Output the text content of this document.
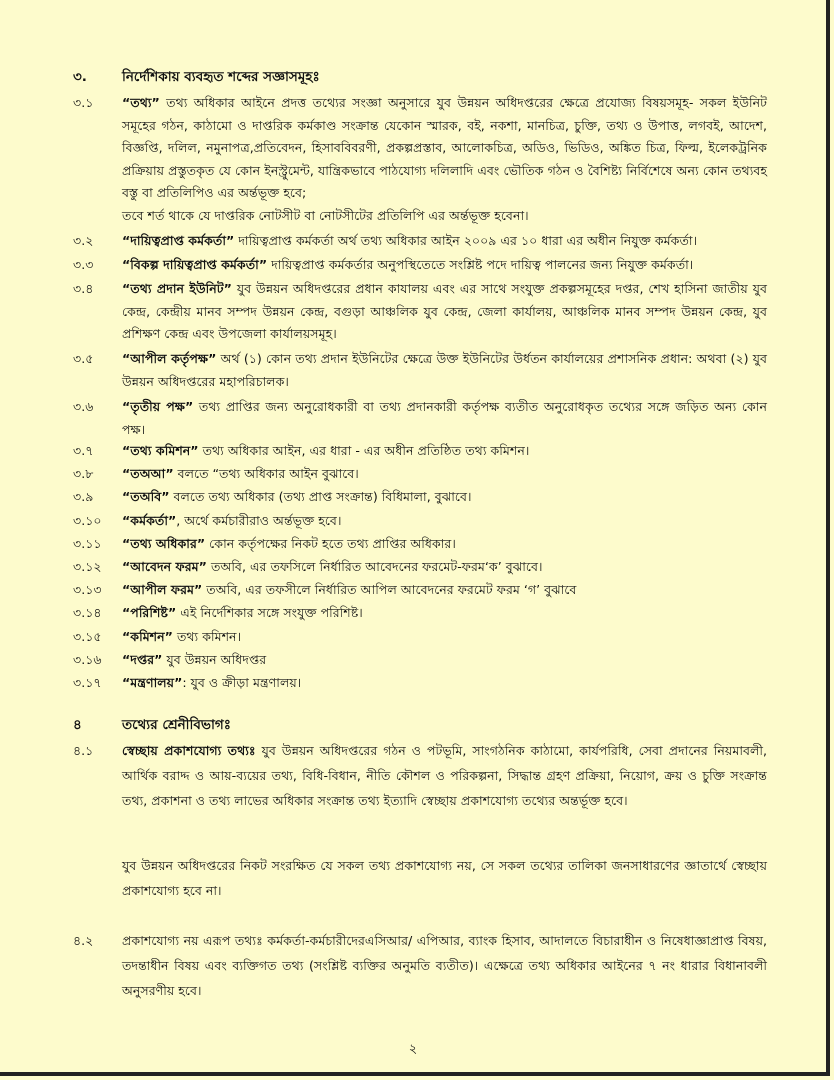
৩.	নির্দেশিকায় ব্যবহৃত শব্দের সজ্ঞাসমূহঃ
৩.১	“তথ্য” তথ্য অধিকার আইনে প্রদত্ত তথ্যের সংজ্ঞা অনুসারে যুব উন্নয়ন অধিদপ্তরের ক্ষেত্রে প্রযোজ্য বিষয়সমূহ- সকল ইউনিট সমূহের গঠন, কাঠামো ও দাপ্তরিক কর্মকাণ্ড সংক্রান্ত যেকোন স্মারক, বই, নকশা, মানচিত্র, চুক্তি, তথ্য ও উপাত্ত, লগবই, আদেশ, বিজ্ঞপ্তি, দলিল, নমুনাপত্র,প্রতিবেদন, হিসাববিবরণী, প্রকল্পপ্রস্তাব, আলোকচিত্র, অডিও, ভিডিও, অঙ্কিত চিত্র, ফিল্ম, ইলেকট্রনিক প্রক্রিয়ায় প্রস্তুতকৃত যে কোন ইনস্ট্রুমেন্ট, যান্ত্রিকভাবে পাঠযোগ্য দলিলাদি এবং ভৌতিক গঠন ও বৈশিষ্ট্য নির্বিশেষে অন্য কোন তথ্যবহ বস্তু বা প্রতিলিপিও এর অর্ন্তভূক্ত হবে;
তবে শর্ত থাকে যে দাপ্তরিক নোটসীট বা নোটসীটের প্রতিলিপি এর অর্ন্তভূক্ত হবেনা।
৩.২	“দায়িত্বপ্রাপ্ত কর্মকর্তা” দায়িত্বপ্রাপ্ত কর্মকর্তা অর্থ তথ্য অধিকার আইন ২০০৯ এর ১০ ধারা এর অধীন নিযুক্ত কর্মকর্তা।
৩.৩	“বিকল্প দায়িত্বপ্রাপ্ত কর্মকর্তা” দায়িত্বপ্রাপ্ত কর্মকর্তার অনুপস্থিতেতে সংশ্লিষ্ট পদে দায়িত্ব পালনের জন্য নিযুক্ত কর্মকর্তা।
৩.৪	“তথ্য প্রদান ইউনিট” যুব উন্নয়ন অধিদপ্তরের প্রধান কাযালয় এবং এর সাথে সংযুক্ত প্রকল্পসমূহের দপ্তর, শেখ হাসিনা জাতীয় যুব কেন্দ্র, কেন্দ্রীয় মানব সম্পদ উন্নয়ন কেন্দ্র, বগুড়া আঞ্চলিক যুব কেন্দ্র, জেলা কার্যালয়, আঞ্চলিক মানব সম্পদ উন্নয়ন কেন্দ্র, যুব প্রশিক্ষণ কেন্দ্র এবং উপজেলা কার্যালয়সমূহ।
৩.৫	“আপীল কর্তৃপক্ষ” অর্থ (১) কোন তথ্য প্রদান ইউনিটের ক্ষেত্রে উক্ত ইউনিটের উর্ধতন কার্যালয়ের প্রশাসনিক প্রধান: অথবা (২) যুব উন্নয়ন অধিদপ্তরের মহাপরিচালক।
৩.৬	“তৃতীয় পক্ষ” তথ্য প্রাপ্তির জন্য অনুরোধকারী বা তথ্য প্রদানকারী কর্তৃপক্ষ ব্যতীত অনুরোধকৃত তথ্যের সঙ্গে জড়িত অন্য কোন পক্ষ।
৩.৭	“তথ্য কমিশন” তথ্য অধিকার আইন, এর ধারা - এর অধীন প্রতিষ্ঠিত তথ্য কমিশন।
৩.৮	“তঅআ” বলতে “তথ্য অধিকার আইন বুঝাবে।
৩.৯	“তঅবি” বলতে তথ্য অধিকার (তথ্য প্রাপ্ত সংক্রান্ত) বিধিমালা, বুঝাবে।
৩.১০	“কর্মকর্তা”, অর্থে কর্মচারীরাও অর্ন্তভূক্ত হবে।
৩.১১	“তথ্য অধিকার” কোন কর্তৃপক্ষের নিকট হতে তথ্য প্রাপ্তির অধিকার।
৩.১২	“আবেদন ফরম” তঅবি, এর তফসিলে নির্ধারিত আবেদনের ফরমেট-ফরম‘ক’ বুঝাবে।
৩.১৩	“আপীল ফরম” তঅবি, এর তফসীলে নির্ধারিত আপিল আবেদনের ফরমেট ফরম ‘গ’ বুঝাবে
৩.১৪	“পরিশিষ্ট” এই নির্দেশিকার সঙ্গে সংযুক্ত পরিশিষ্ট।
৩.১৫	“কমিশন” তথ্য কমিশন।
৩.১৬	“দপ্তর” যুব উন্নয়ন অধিদপ্তর
৩.১৭	“মন্ত্রণালয়”: যুব ও ক্রীড়া মন্ত্রণালয়।
৪	তথ্যের শ্রেনীবিভাগঃ
৪.১	স্বেচ্ছায় প্রকাশযোগ্য তথ্যঃ যুব উন্নয়ন অধিদপ্তরের গঠন ও পটভূমি, সাংগঠনিক কাঠামো, কার্যপরিধি, সেবা প্রদানের নিয়মাবলী, আর্থিক বরাদ্দ ও আয়-ব্যয়ের তথ্য, বিধি-বিধান, নীতি কৌশল ও পরিকল্পনা, সিদ্ধান্ত গ্রহণ প্রক্রিয়া, নিয়োগ, ক্রয় ও চুক্তি সংক্রান্ত তথ্য, প্রকাশনা ও তথ্য লাভের অধিকার সংক্রান্ত তথ্য ইত্যাদি স্বেচ্ছায় প্রকাশযোগ্য তথ্যের অন্তর্ভূক্ত হবে।
যুব উন্নয়ন অধিদপ্তরের নিকট সংরক্ষিত যে সকল তথ্য প্রকাশযোগ্য নয়, সে সকল তথ্যের তালিকা জনসাধারণের জ্ঞাতার্থে স্বেচ্ছায় প্রকাশযোগ্য হবে না।
৪.২	প্রকাশযোগ্য নয় এরূপ তথ্যঃ কর্মকর্তা-কর্মচারীদেরএসিআর/ এপিআর, ব্যাংক হিসাব, আদালতে বিচারাধীন ও নিষেধাজ্ঞাপ্রাপ্ত বিষয়, তদন্তাধীন বিষয় এবং ব্যক্তিগত তথ্য (সংশ্লিষ্ট ব্যক্তির অনুমতি ব্যতীত)। এক্ষেত্রে তথ্য অধিকার আইনের ৭ নং ধারার বিধানাবলী অনুসরণীয় হবে।
২
